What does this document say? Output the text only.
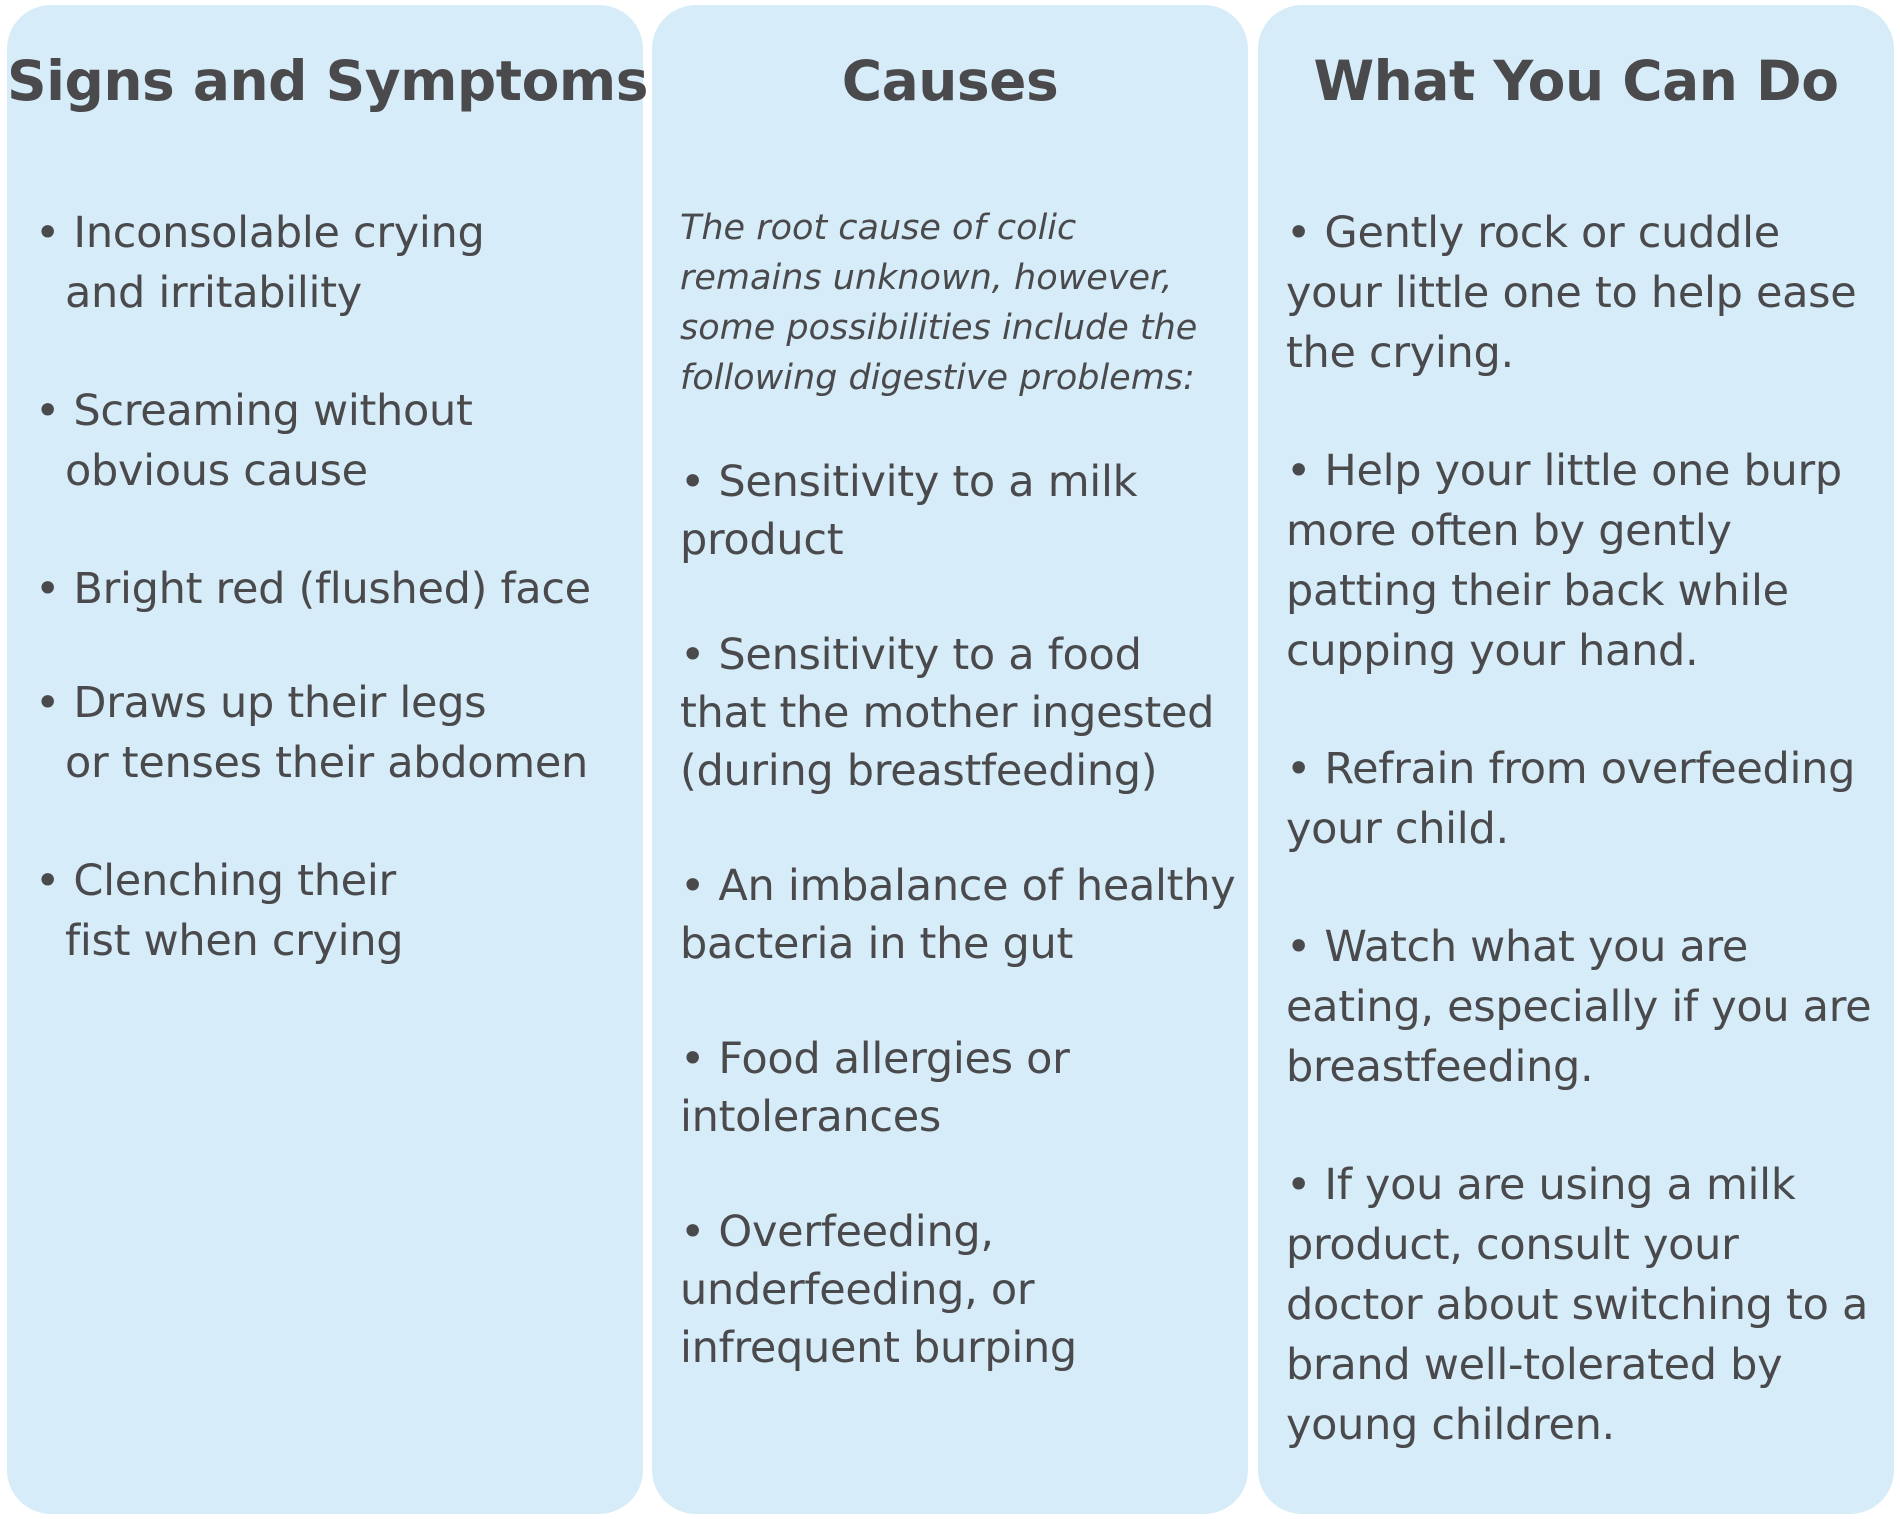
Signs and Symptoms
• Inconsolable crying
and irritability
• Screaming without
obvious cause
• Bright red (flushed) face
• Draws up their legs
or tenses their abdomen
• Clenching their
fist when crying
Causes

The root cause of colic remains unknown, however, some possibilities include the following digestive problems:

• Sensitivity to a milk product
• Sensitivity to a food that the mother ingested (during breastfeeding)
• An imbalance of healthy bacteria in the gut
• Food allergies or intolerances
• Overfeeding, underfeeding, or infrequent burping
What You Can Do
• Gently rock or cuddle your little one to help ease the crying.
• Help your little one burp more often by gently patting their back while cupping your hand.
• Refrain from overfeeding your child.
• Watch what you are eating, especially if you are breastfeeding.
• If you are using a milk product, consult your doctor about switching to a brand well-tolerated by young children.
